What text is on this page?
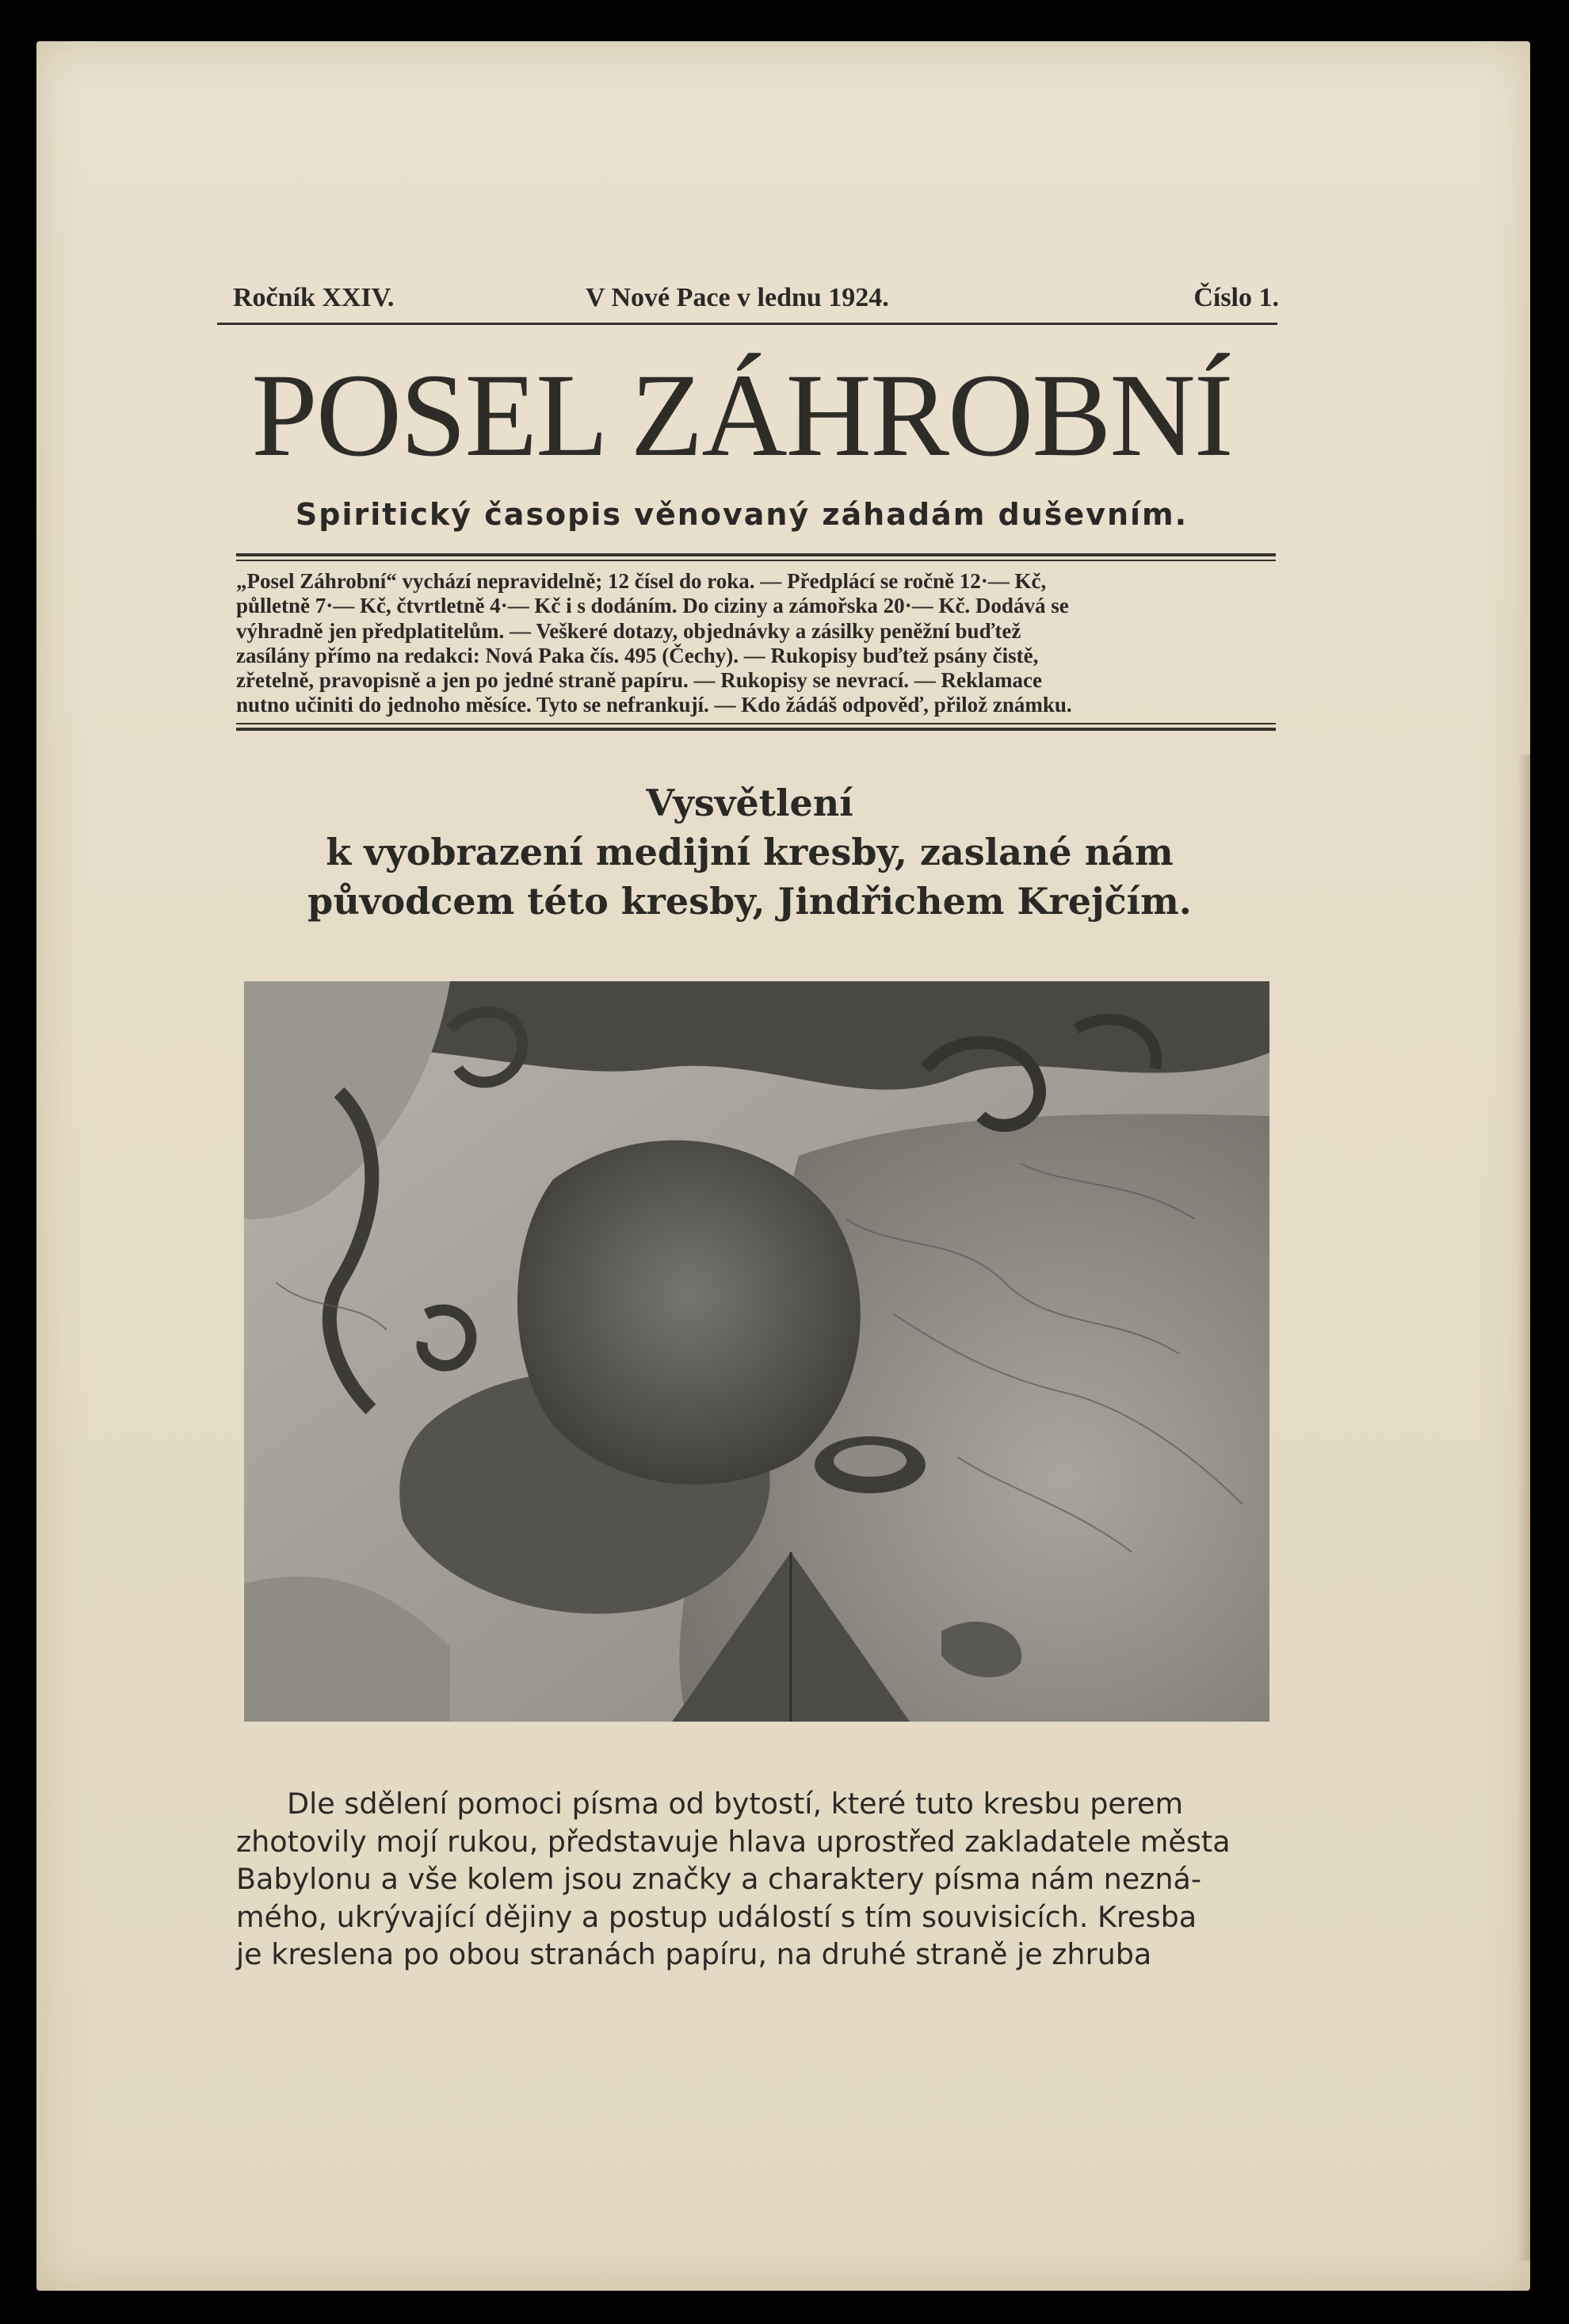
Ročník XXIV.	V Nové Pace v lednu 1924.	Číslo 1.
POSEL ZÁHROBNÍ
Spiritický časopis věnovaný záhadám duševním.
„Posel Záhrobní“ vychází nepravidelně; 12 čísel do roka. — Předplácí se ročně 12·— Kč,
půlletně 7·— Kč, čtvrtletně 4·— Kč i s dodáním. Do ciziny a zámořska 20·— Kč. Dodává se
výhradně jen předplatitelům. — Veškeré dotazy, objednávky a zásilky peněžní buďtež
zasílány přímo na redakci: Nová Paka čís. 495 (Čechy). — Rukopisy buďtež psány čistě,
zřetelně, pravopisně a jen po jedné straně papíru. — Rukopisy se nevrací. — Reklamace
nutno učiniti do jednoho měsíce. Tyto se nefrankují. — Kdo žádáš odpověď, přilož známku.
Vysvětlení
k vyobrazení medijní kresby, zaslané nám
původcem této kresby, Jindřichem Krejčím.
Dle sdělení pomoci písma od bytostí, které tuto kresbu perem
zhotovily mojí rukou, představuje hlava uprostřed zakladatele města
Babylonu a vše kolem jsou značky a charaktery písma nám nezná-
mého, ukrývající dějiny a postup událostí s tím souvisicích. Kresba
je kreslena po obou stranách papíru, na druhé straně je zhruba
